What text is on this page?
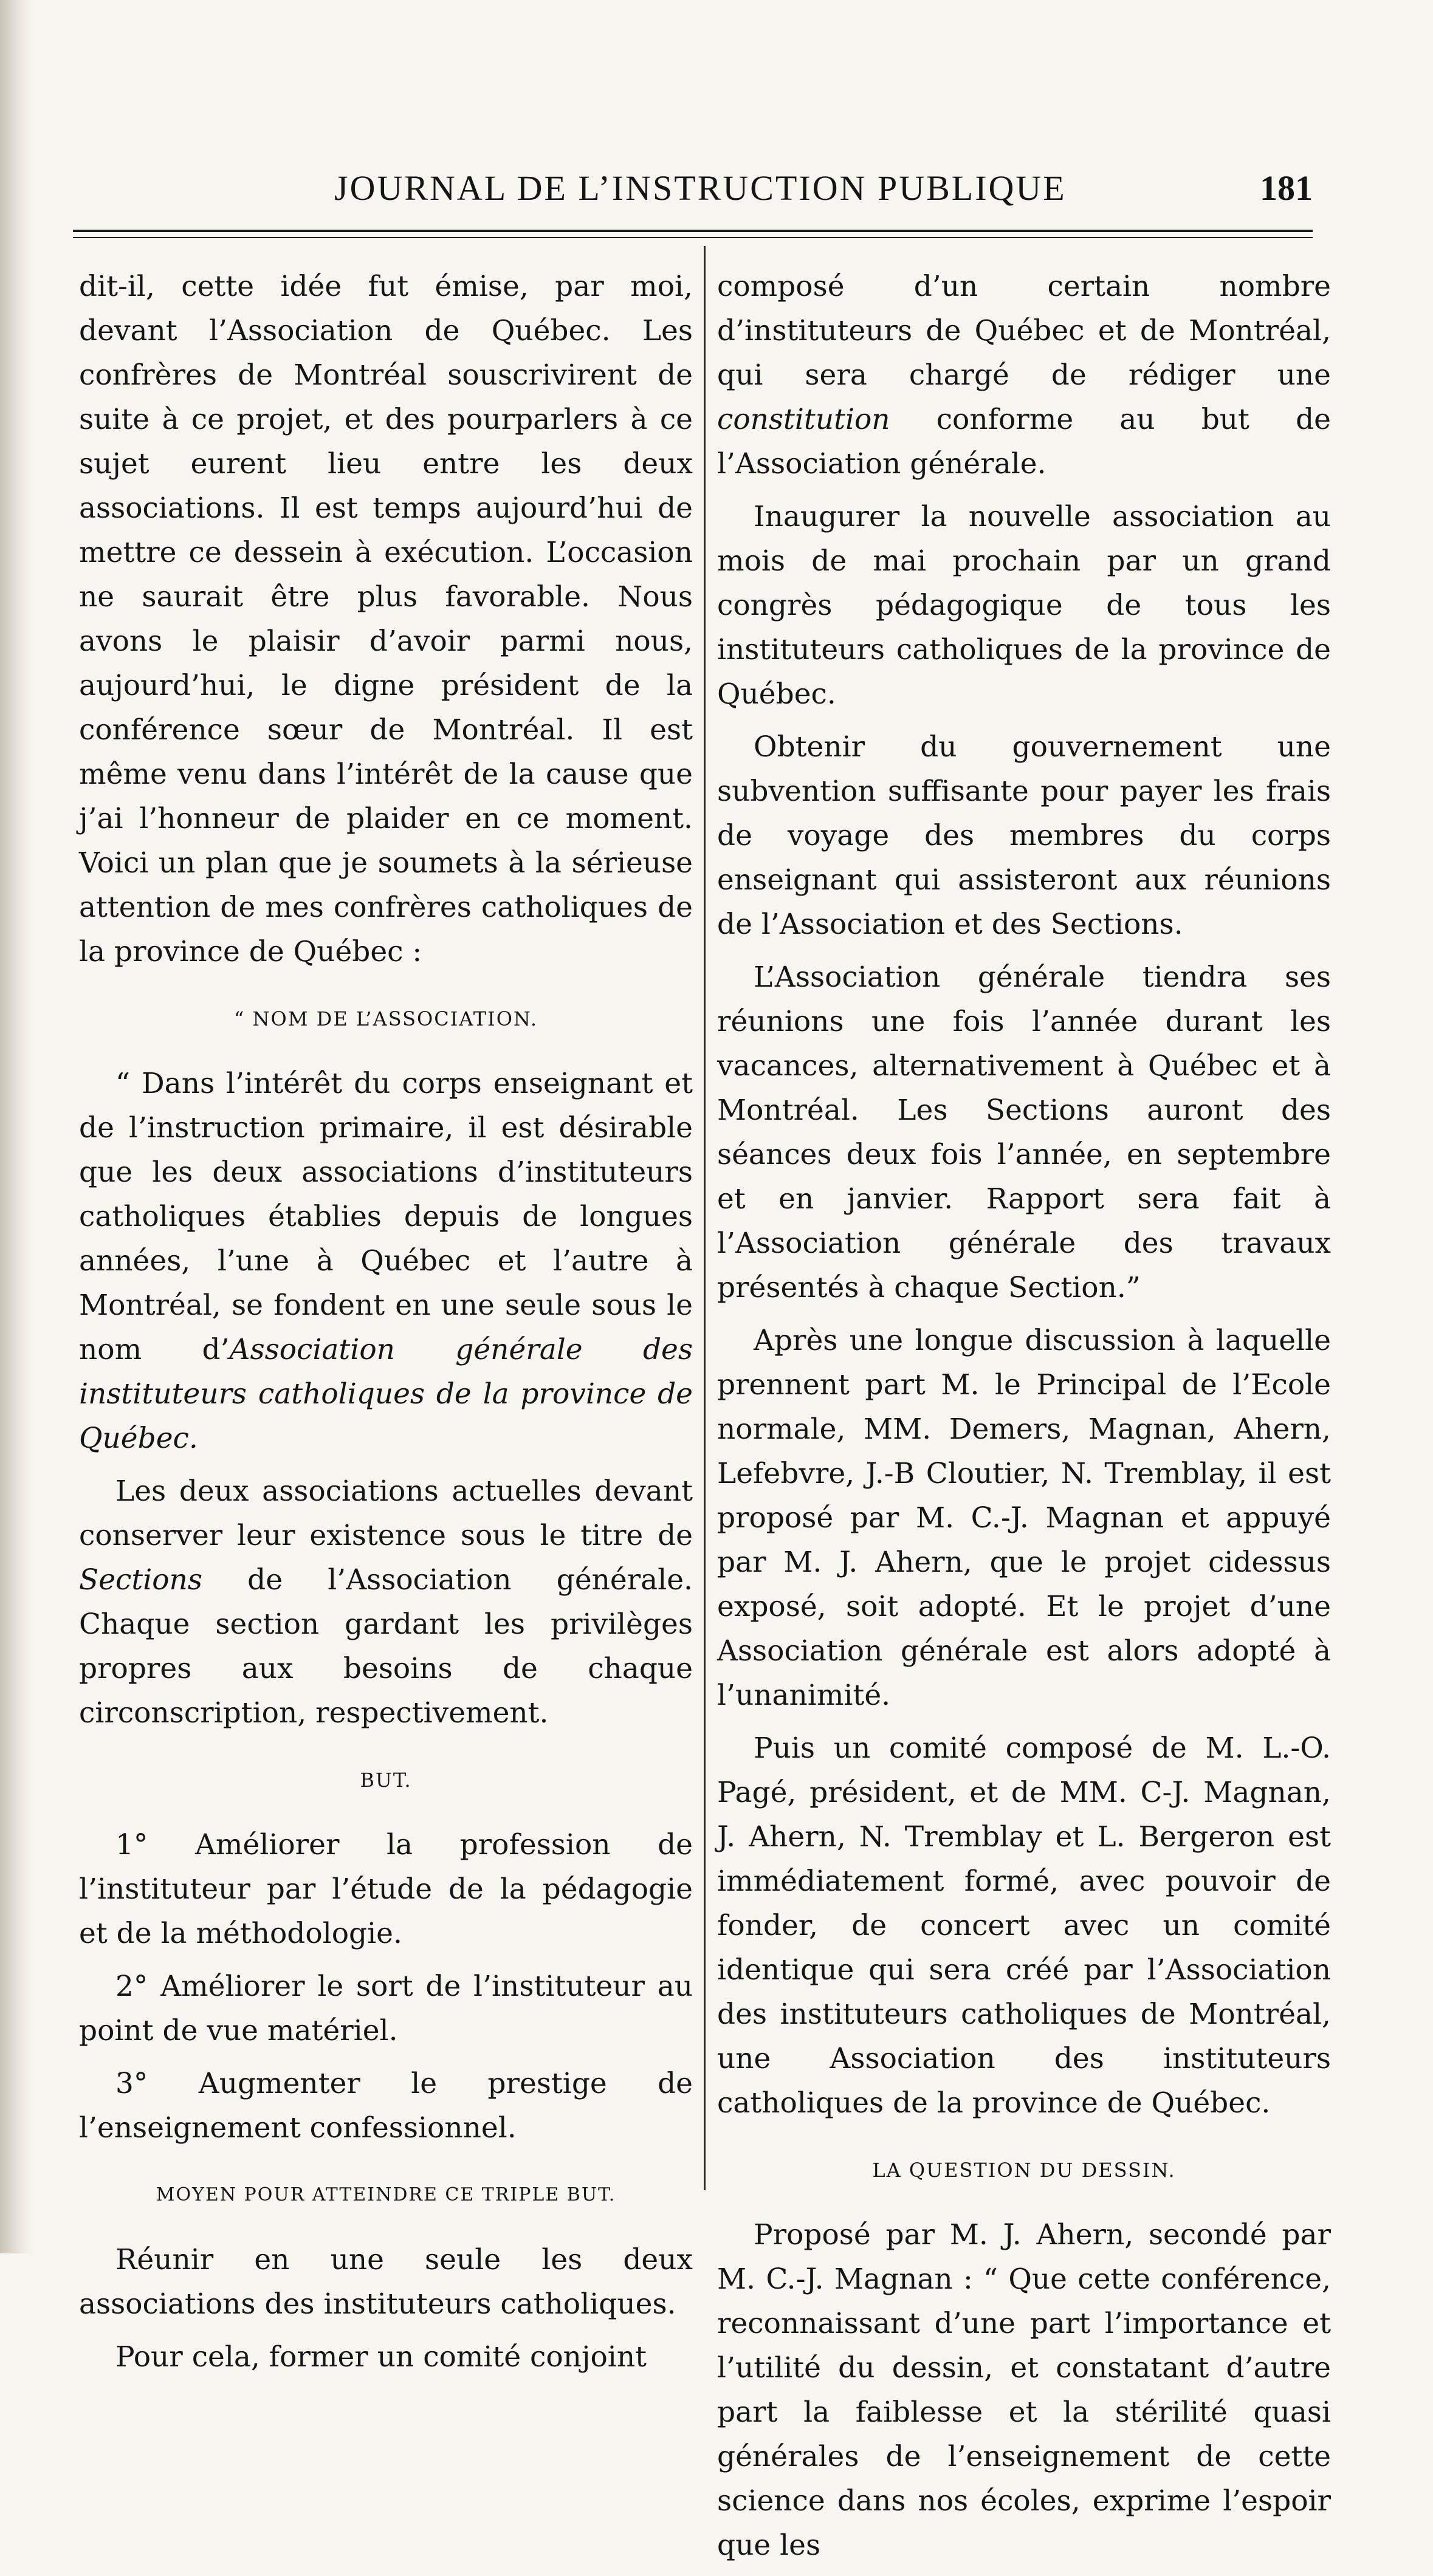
JOURNAL DE L’INSTRUCTION PUBLIQUE	181

dit-il, cette idée fut émise, par moi, devant l’Association de Québec. Les confrères de Montréal souscrivirent de suite à ce projet, et des pourparlers à ce sujet eurent lieu entre les deux associations. Il est temps aujourd’hui de mettre ce dessein à exécution. L’occasion ne saurait être plus favorable. Nous avons le plaisir d’avoir parmi nous, aujourd’hui, le digne président de la conférence sœur de Montréal. Il est même venu dans l’intérêt de la cause que j’ai l’honneur de plaider en ce moment. Voici un plan que je soumets à la sérieuse attention de mes confrères catholiques de la province de Québec :

“ NOM DE L’ASSOCIATION.

“ Dans l’intérêt du corps enseignant et de l’instruction primaire, il est désirable que les deux associations d’instituteurs catholiques établies depuis de longues années, l’une à Québec et l’autre à Montréal, se fondent en une seule sous le nom d’Association générale des instituteurs catholiques de la province de Québec.

Les deux associations actuelles devant conserver leur existence sous le titre de Sections de l’Association générale. Chaque section gardant les privilèges propres aux besoins de chaque circonscription, respectivement.

BUT.

1° Améliorer la profession de l’instituteur par l’étude de la pédagogie et de la méthodologie.

2° Améliorer le sort de l’instituteur au point de vue matériel.

3° Augmenter le prestige de l’enseignement confessionnel.

MOYEN POUR ATTEINDRE CE TRIPLE BUT.

Réunir en une seule les deux associations des instituteurs catholiques.

Pour cela, former un comité conjoint

composé d’un certain nombre d’instituteurs de Québec et de Montréal, qui sera chargé de rédiger une constitution conforme au but de l’Association générale.

Inaugurer la nouvelle association au mois de mai prochain par un grand congrès pédagogique de tous les instituteurs catholiques de la province de Québec.

Obtenir du gouvernement une subvention suffisante pour payer les frais de voyage des membres du corps enseignant qui assisteront aux réunions de l’Association et des Sections.

L’Association générale tiendra ses réunions une fois l’année durant les vacances, alternativement à Québec et à Montréal. Les Sections auront des séances deux fois l’année, en septembre et en janvier. Rapport sera fait à l’Association générale des travaux présentés à chaque Section.”

Après une longue discussion à laquelle prennent part M. le Principal de l’Ecole normale, MM. Demers, Magnan, Ahern, Lefebvre, J.-B Cloutier, N. Tremblay, il est proposé par M. C.-J. Magnan et appuyé par M. J. Ahern, que le projet cidessus exposé, soit adopté. Et le projet d’une Association générale est alors adopté à l’unanimité.

Puis un comité composé de M. L.-O. Pagé, président, et de MM. C-J. Magnan, J. Ahern, N. Tremblay et L. Bergeron est immédiatement formé, avec pouvoir de fonder, de concert avec un comité identique qui sera créé par l’Association des instituteurs catholiques de Montréal, une Association des instituteurs catholiques de la province de Québec.

LA QUESTION DU DESSIN.

Proposé par M. J. Ahern, secondé par M. C.-J. Magnan : “ Que cette conférence, reconnaissant d’une part l’importance et l’utilité du dessin, et constatant d’autre part la faiblesse et la stérilité quasi générales de l’enseignement de cette science dans nos écoles, exprime l’espoir que les
